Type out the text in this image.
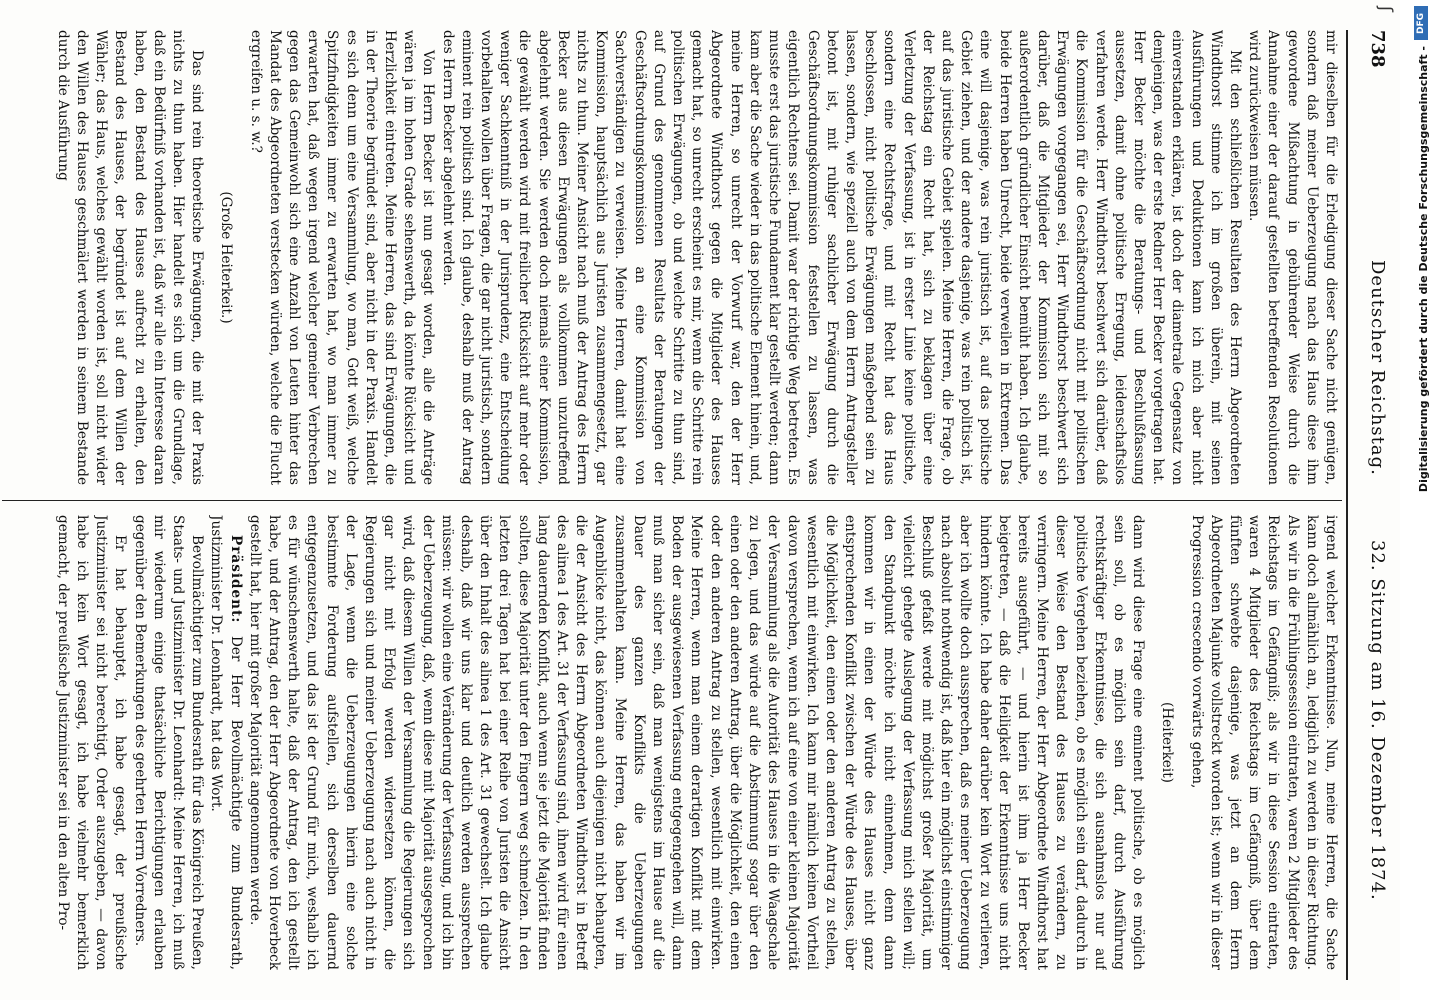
ʃ
738
Deutscher Reichstag.
32. Sitzung am 16. Dezember 1874.

mir dieselben für die Erledigung dieser Sache nicht genügen, sondern daß meiner Ueberzeugung nach das Haus diese ihm gewordene Mißachtung in gebührender Weise durch die Annahme einer der darauf gestellten betreffenden Resolutionen wird zurückweisen müssen.

Mit den schließlichen Resultaten des Herrn Abgeordneten Windthorst stimme ich im großen überein, mit seinen Ausführungen und Deduktionen kann ich mich aber nicht einverstanden erklären, ist doch der diametrale Gegensatz von demjenigen, was der erste Redner Herr Becker vorgetragen hat. Herr Becker möchte die Beratungs- und Beschlußfassung aussetzen, damit ohne politische Erregung, leidenschaftslos verfahren werde. Herr Windthorst beschwert sich darüber, daß die Kommission für die Geschäftsordnung nicht mit politischen Erwägungen vorgegangen sei, Herr Windthorst beschwert sich darüber, daß die Mitglieder der Kommission sich mit so außerordentlich gründlicher Einsicht bemüht haben. Ich glaube, beide Herren haben Unrecht, beide verweilen in Extremen. Das eine will dasjenige, was rein juristisch ist, auf das politische Gebiet ziehen, und der andere dasjenige, was rein politisch ist, auf das juristische Gebiet spielen. Meine Herren, die Frage, ob der Reichstag ein Recht hat, sich zu beklagen über eine Verletzung der Verfassung, ist in erster Linie keine politische, sondern eine Rechtsfrage, und mit Recht hat das Haus beschlossen, nicht politische Erwägungen maßgebend sein zu lassen, sondern, wie speziell auch von dem Herrn Antragsteller betont ist, mit ruhiger sachlicher Erwägung durch die Geschäftsordnungskommission feststellen zu lassen, was eigentlich Rechtens sei. Damit war der richtige Weg betreten. Es musste erst das juristische Fundament klar gestellt werden; dann kam aber die Sache wieder in das politische Element hinein, und, meine Herren, so unrecht der Vorwurf war, den der Herr Abgeordnete Windthorst gegen die Mitglieder des Hauses gemacht hat, so unrecht erscheint es mir, wenn die Schritte rein politischen Erwägungen, ob und welche Schritte zu thun sind, auf Grund des genommenen Resultats der Beratungen der Geschäftsordnungskommission an eine Kommission von Sachverständigen zu verweisen. Meine Herren, damit hat eine Kommission, hauptsächlich aus Juristen zusammengesetzt, gar nichts zu thun. Meiner Ansicht nach muß der Antrag des Herrn Becker aus diesen Erwägungen als vollkommen unzutreffend abgelehnt werden. Sie werden doch niemals einer Kommission, die gewählt werden wird mit freilicher Rücksicht auf mehr oder weniger Sachkenntniß in der Jurisprudenz, eine Entscheidung vorbehalten wollen über Fragen, die gar nicht juristisch, sondern eminent rein politisch sind. Ich glaube, deshalb muß der Antrag des Herrn Becker abgelehnt werden.

Von Herrn Becker ist nun gesagt worden, alle die Anträge wären ja im hohen Grade sehenswerth, da könnte Rücksicht und Herzlichkeit eintreten. Meine Herren, das sind Erwägungen, die in der Theorie begründet sind, aber nicht in der Praxis. Handelt es sich denn um eine Versammlung, wo man, Gott weiß, welche Spitzfindigkeiten immer zu erwarten hat, wo man immer zu erwarten hat, daß wegen irgend welcher gemeiner Verbrechen gegen das Gemeinwohl sich eine Anzahl von Leuten hinter das Mandat des Abgeordneten verstecken würden, welche die Flucht ergreifen u. s. w.?

(Große Heiterkeit.)

Das sind rein theoretische Erwägungen, die mit der Praxis nichts zu thun haben. Hier handelt es sich um die Grundlage, daß ein Bedürfniß vorhanden ist, daß wir alle ein Interesse daran haben, den Bestand des Hauses aufrecht zu erhalten, den Bestand des Hauses, der begründet ist auf dem Willen der Wähler; das Haus, welches gewählt worden ist, soll nicht wider den Willen des Hauses geschmälert werden in seinem Bestande durch die Ausführung

irgend welcher Erkenntnisse. Nun, meine Herren, die Sache kann doch allmählich an, lediglich zu werden in dieser Richtung. Als wir in die Frühlingssession eintraten, waren 2 Mitglieder des Reichstags im Gefängniß; als wir in diese Session eintraten, waren 4 Mitglieder des Reichstags im Gefängniß, über dem fünften schwebte dasjenige, was jetzt an dem Herrn Abgeordneten Majunke vollstreckt worden ist; wenn wir in dieser Progression crescendo vorwärts gehen,

(Heiterkeit)

dann wird diese Frage eine eminent politische, ob es möglich sein soll, ob es möglich sein darf, durch Ausführung rechtskräftiger Erkenntnisse, die sich ausnahmslos nur auf politische Vergehen beziehen, ob es möglich sein darf, dadurch in dieser Weise den Bestand des Hauses zu verändern, zu verringern. Meine Herren, der Herr Abgeordnete Windthorst hat bereits ausgeführt, — und hierin ist ihm ja Herr Becker beigetreten, — daß die Heiligkeit der Erkenntnisse uns nicht hindern könnte. Ich habe daher darüber kein Wort zu verlieren, aber ich wollte doch aussprechen, daß es meiner Ueberzeugung nach absolut nothwendig ist, daß hier ein möglichst einstimmiger Beschluß gefaßt werde mit möglichst großer Majorität, um vielleicht gehegte Auslegung der Verfassung mich stellen will; den Standpunkt möchte ich nicht einnehmen, denn dann kommen wir in einen der Würde des Hauses nicht ganz entsprechenden Konflikt zwischen der Würde des Hauses, über die Möglichkeit, den einen oder den anderen Antrag zu stellen, wesentlich mit einwirken. Ich kann mir nämlich keinen Vortheil davon versprechen, wenn ich auf eine von einer kleinen Majorität der Versammlung als die Autorität des Hauses in die Waagschale zu legen, und das würde auf die Abstimmung sogar über den einen oder den anderen Antrag, über die Möglichkeit, den einen oder den anderen Antrag zu stellen, wesentlich mit einwirken. Meine Herren, wenn man einem derartigen Konflikt mit dem Boden der ausgewiesenen Verfassung entgegengehen will, dann muß man sicher sein, daß man wenigstens im Hause auf die Dauer des ganzen Konflikts die Ueberzeugungen zusammenhalten kann. Meine Herren, das haben wir im Augenblicke nicht, das können auch diejenigen nicht behaupten, die der Ansicht des Herrn Abgeordneten Windthorst in Betreff des alinea 1 des Art. 31 der Verfassung sind, ihnen wird für einen lang dauernden Konflikt, auch wenn sie jetzt die Majorität finden sollten, diese Majorität unter den Fingern weg schmelzen. In den letzten drei Tagen hat bei einer Reihe von Juristen die Ansicht über den Inhalt des alinea 1 des Art. 31 gewechselt. Ich glaube deshalb, daß wir uns klar und deutlich werden aussprechen müssen: wir wollen eine Veränderung der Verfassung, und ich bin der Ueberzeugung, daß, wenn diese mit Majorität ausgesprochen wird, daß diesem Willen der Versammlung die Regierungen sich gar nicht mit Erfolg werden widersetzen können, die Regierungen sich und meiner Ueberzeugung nach auch nicht in der Lage, wenn die Ueberzeugungen hierin eine solche bestimmte Forderung aufstellen, sich derselben dauernd entgegenzusetzen, und das ist der Grund für mich, weshalb ich es für wünschenswerth halte, daß der Antrag, den ich gestellt habe, und der Antrag, den der Herr Abgeordnete von Hoverbeck gestellt hat, hier mit großer Majorität angenommen werde.

Präsident: Der Herr Bevollmächtigte zum Bundesrath, Justizminister Dr. Leonhardt, hat das Wort.

Bevollmächtigter zum Bundesrath für das Königreich Preußen, Staats- und Justizminister Dr. Leonhardt: Meine Herren, ich muß mir wiederum einige thatsächliche Berichtigungen erlauben gegenüber den Bemerkungen des geehrten Herrn Vorredners.

Er hat behauptet, ich habe gesagt, der preußische Justizminister sei nicht berechtigt, Order auszugeben, — davon habe ich kein Wort gesagt, ich habe vielmehr bemerklich gemacht, der preußische Justizminister sei in den alten Pro-

DFG
Digitalisierung gefördert durch die Deutsche Forschungsgemeinschaft -
